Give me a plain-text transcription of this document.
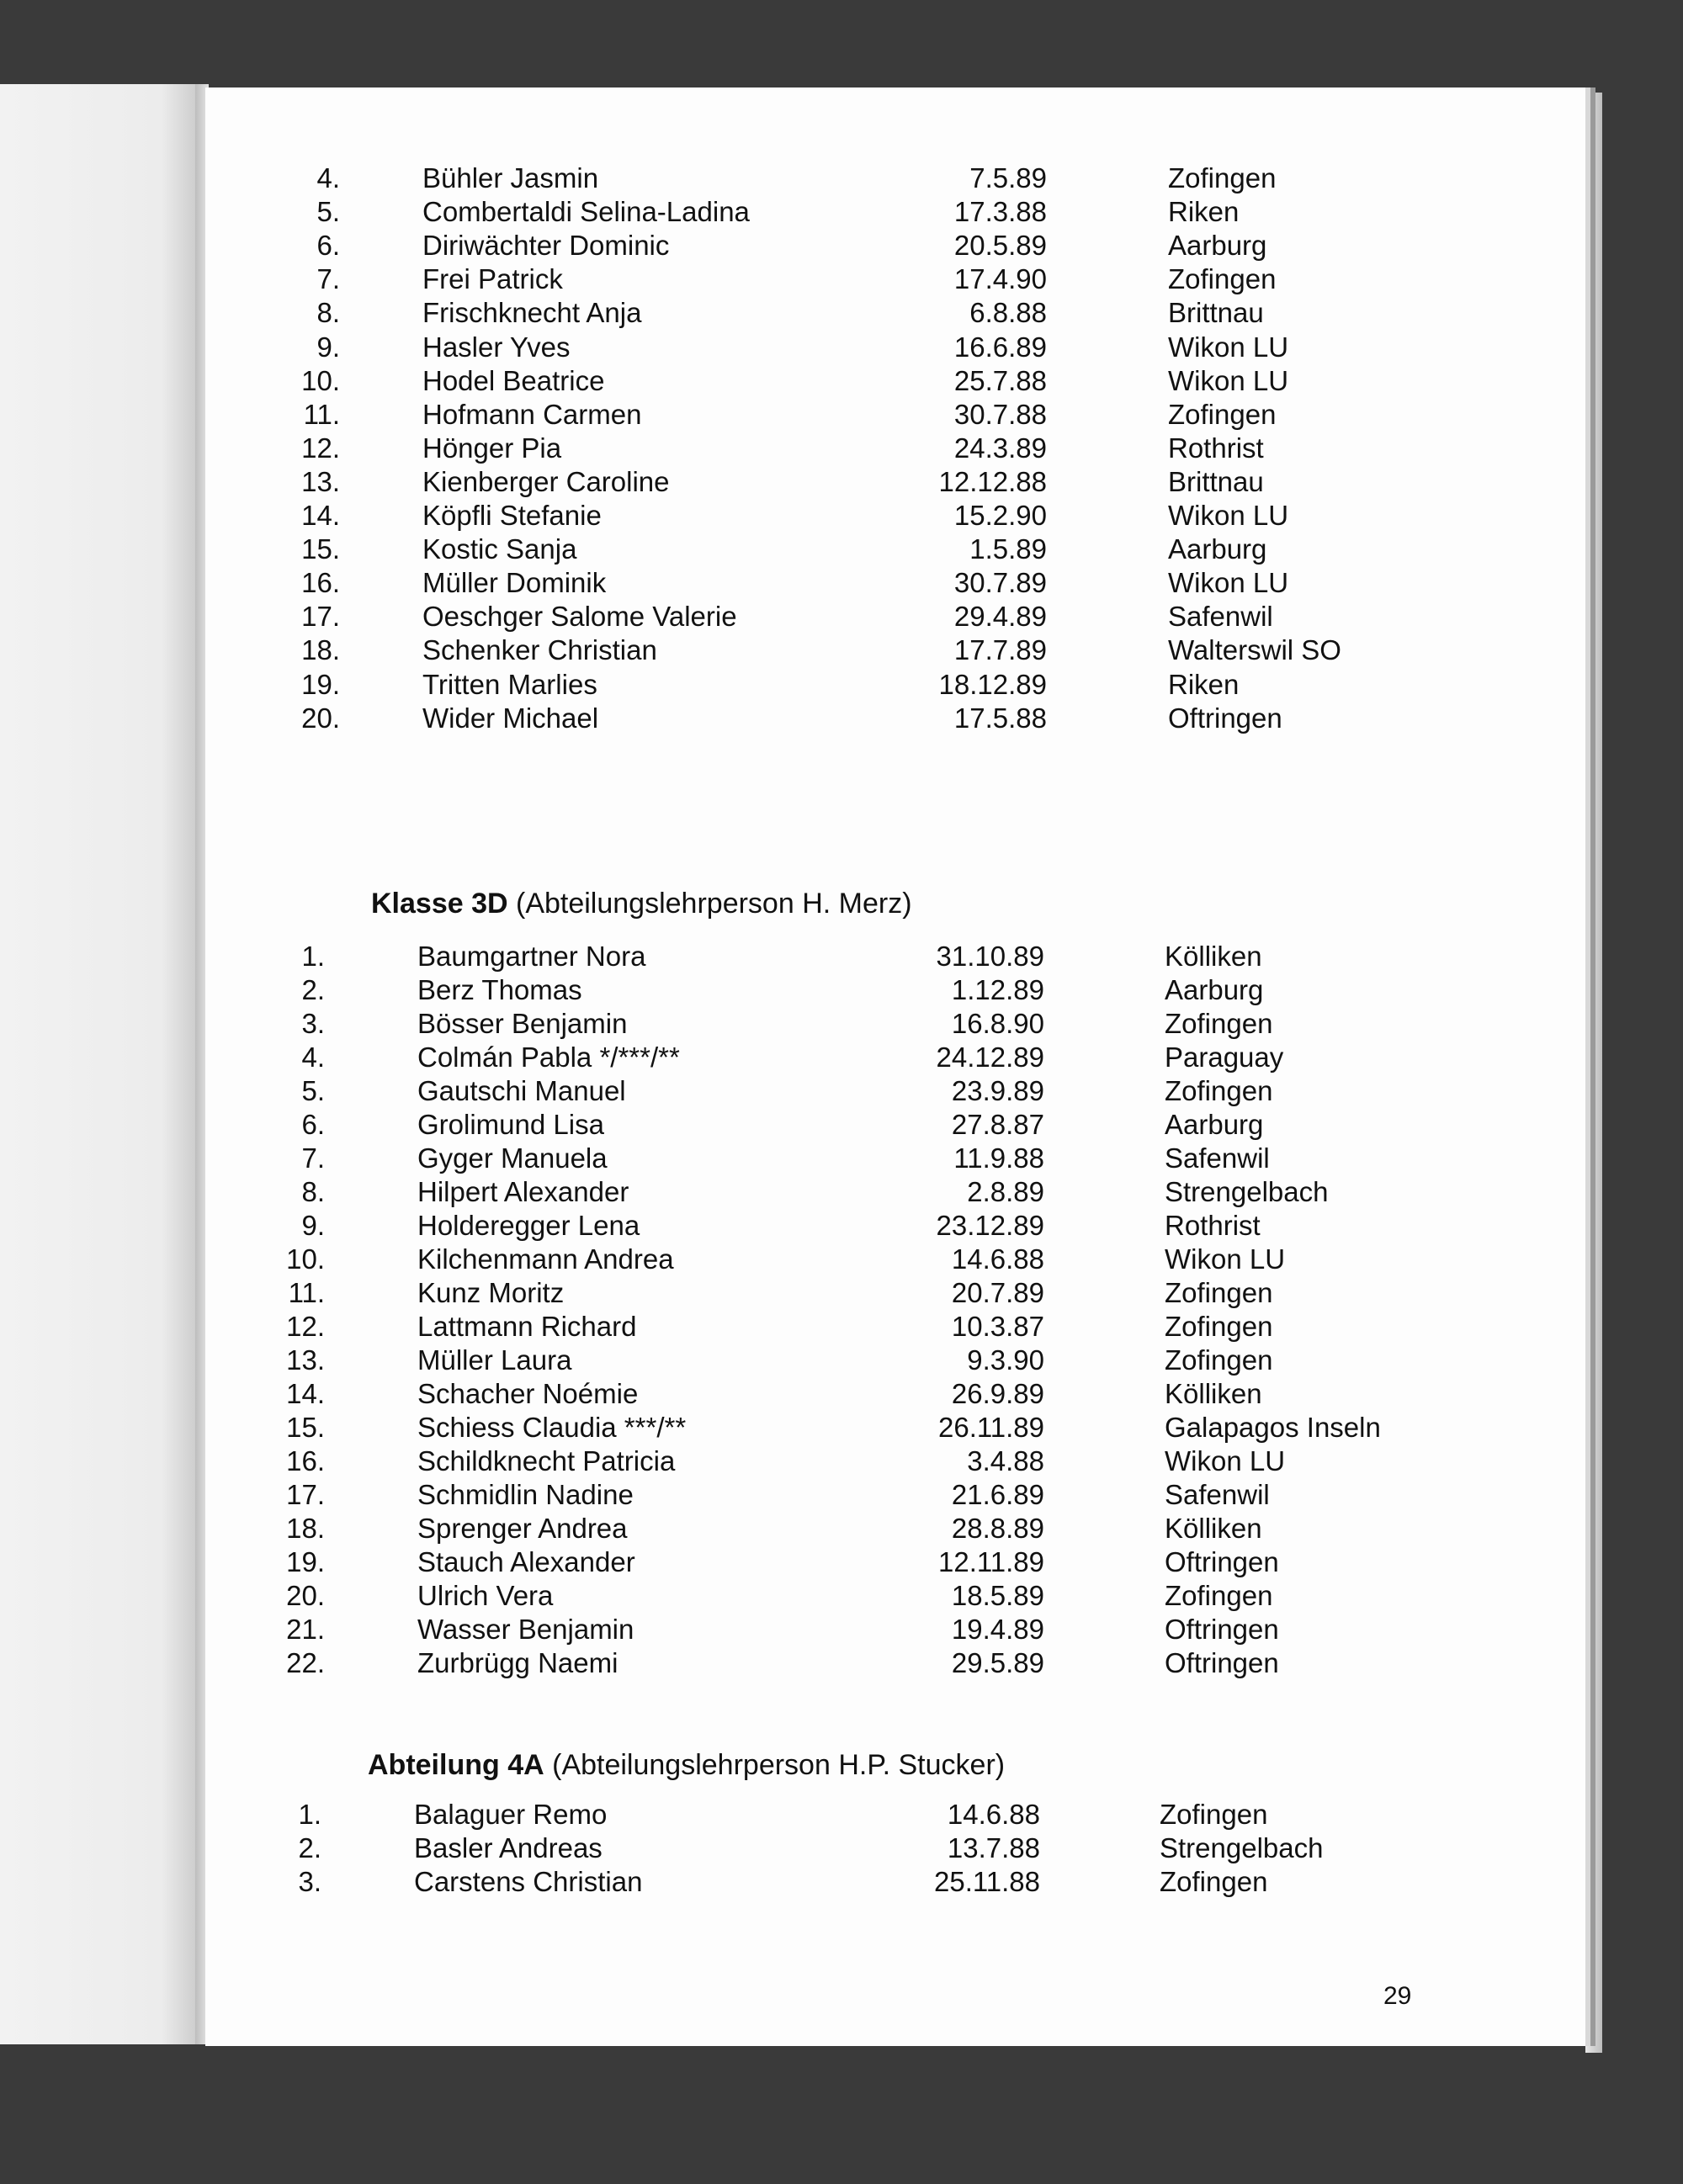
4.	Bühler Jasmin	7.5.89	Zofingen
5.	Combertaldi Selina-Ladina	17.3.88	Riken
6.	Diriwächter Dominic	20.5.89	Aarburg
7.	Frei Patrick	17.4.90	Zofingen
8.	Frischknecht Anja	6.8.88	Brittnau
9.	Hasler Yves	16.6.89	Wikon LU
10.	Hodel Beatrice	25.7.88	Wikon LU
11.	Hofmann Carmen	30.7.88	Zofingen
12.	Hönger Pia	24.3.89	Rothrist
13.	Kienberger Caroline	12.12.88	Brittnau
14.	Köpfli Stefanie	15.2.90	Wikon LU
15.	Kostic Sanja	1.5.89	Aarburg
16.	Müller Dominik	30.7.89	Wikon LU
17.	Oeschger Salome Valerie	29.4.89	Safenwil
18.	Schenker Christian	17.7.89	Walterswil SO
19.	Tritten Marlies	18.12.89	Riken
20.	Wider Michael	17.5.88	Oftringen
Klasse 3D (Abteilungslehrperson H. Merz)
1.	Baumgartner Nora	31.10.89	Kölliken
2.	Berz Thomas	1.12.89	Aarburg
3.	Bösser Benjamin	16.8.90	Zofingen
4.	Colmán Pabla */***/**	24.12.89	Paraguay
5.	Gautschi Manuel	23.9.89	Zofingen
6.	Grolimund Lisa	27.8.87	Aarburg
7.	Gyger Manuela	11.9.88	Safenwil
8.	Hilpert Alexander	2.8.89	Strengelbach
9.	Holderegger Lena	23.12.89	Rothrist
10.	Kilchenmann Andrea	14.6.88	Wikon LU
11.	Kunz Moritz	20.7.89	Zofingen
12.	Lattmann Richard	10.3.87	Zofingen
13.	Müller Laura	9.3.90	Zofingen
14.	Schacher Noémie	26.9.89	Kölliken
15.	Schiess Claudia ***/**	26.11.89	Galapagos Inseln
16.	Schildknecht Patricia	3.4.88	Wikon LU
17.	Schmidlin Nadine	21.6.89	Safenwil
18.	Sprenger Andrea	28.8.89	Kölliken
19.	Stauch Alexander	12.11.89	Oftringen
20.	Ulrich Vera	18.5.89	Zofingen
21.	Wasser Benjamin	19.4.89	Oftringen
22.	Zurbrügg Naemi	29.5.89	Oftringen
Abteilung 4A (Abteilungslehrperson H.P. Stucker)
1.	Balaguer Remo	14.6.88	Zofingen
2.	Basler Andreas	13.7.88	Strengelbach
3.	Carstens Christian	25.11.88	Zofingen
29
